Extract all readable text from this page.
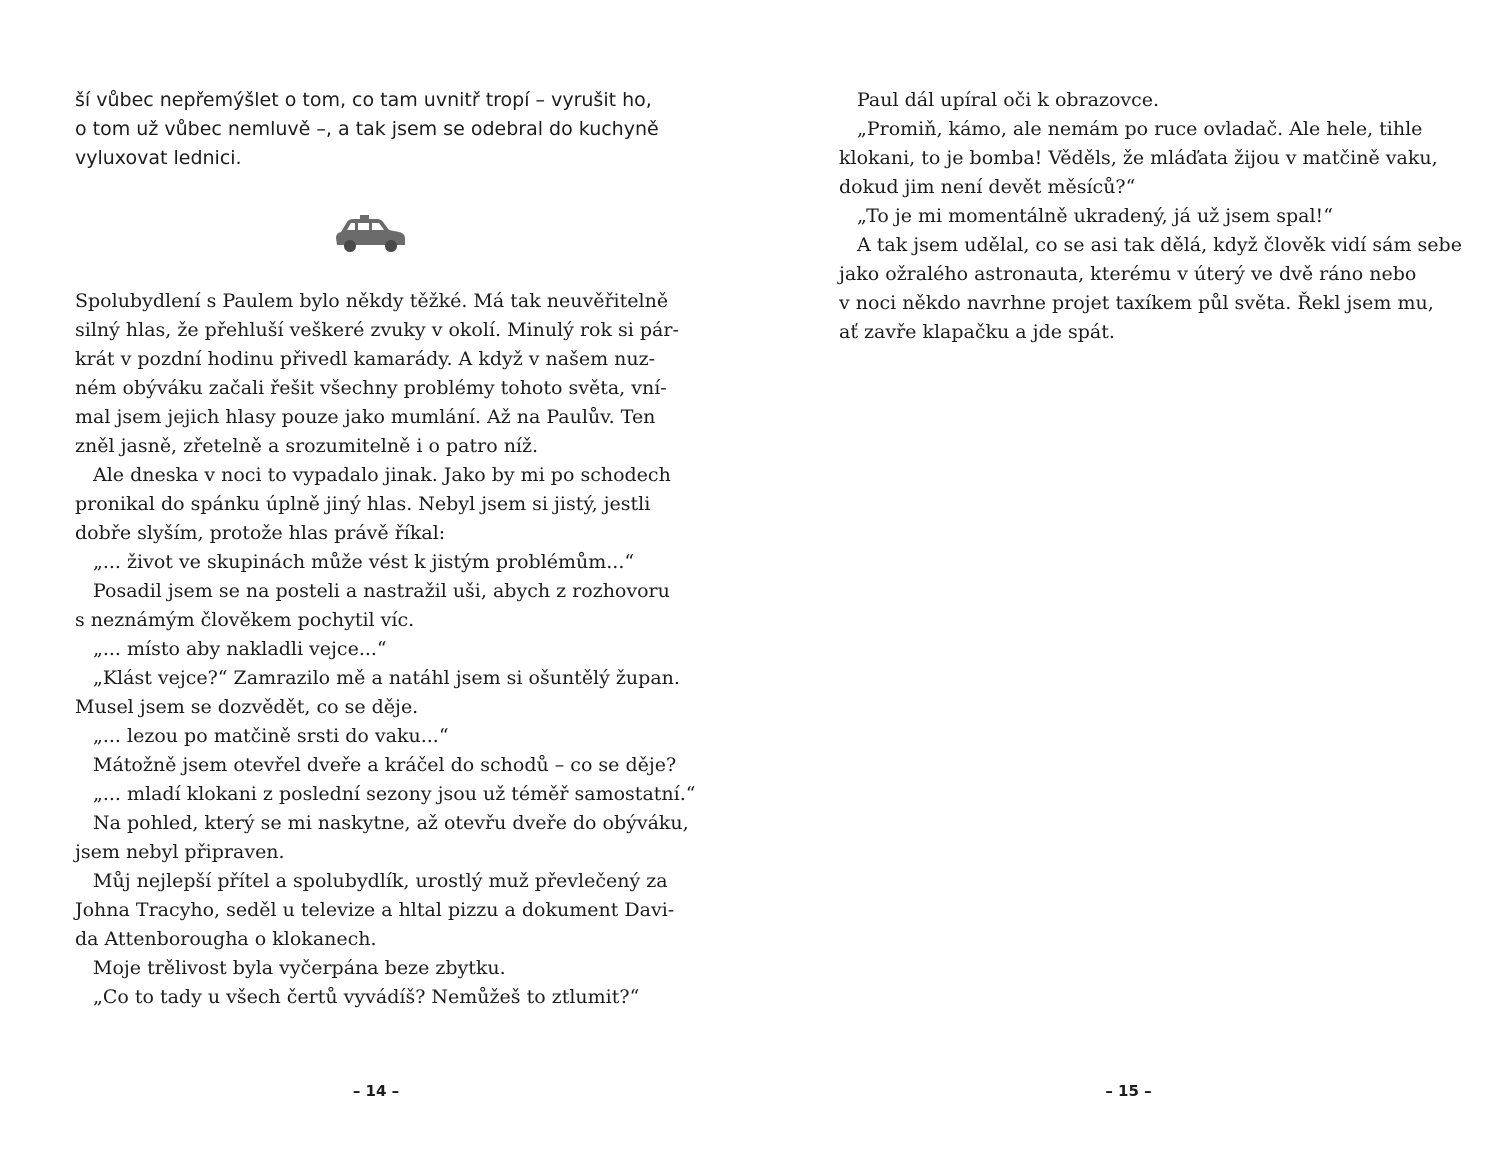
ší vůbec nepřemýšlet o tom, co tam uvnitř tropí – vyrušit ho,
o tom už vůbec nemluvě –, a tak jsem se odebral do kuchyně
vyluxovat lednici.

Spolubydlení s Paulem bylo někdy těžké. Má tak neuvěřitelně
silný hlas, že přehluší veškeré zvuky v okolí. Minulý rok si pár-
krát v pozdní hodinu přivedl kamarády. A když v našem nuz-
ném obýváku začali řešit všechny problémy tohoto světa, vní-
mal jsem jejich hlasy pouze jako mumlání. Až na Paulův. Ten
zněl jasně, zřetelně a srozumitelně i o patro níž.
Ale dneska v noci to vypadalo jinak. Jako by mi po schodech
pronikal do spánku úplně jiný hlas. Nebyl jsem si jistý, jestli
dobře slyším, protože hlas právě říkal:
„... život ve skupinách může vést k jistým problémům...“
Posadil jsem se na posteli a nastražil uši, abych z rozhovoru
s neznámým člověkem pochytil víc.
„... místo aby nakladli vejce...“
„Klást vejce?“ Zamrazilo mě a natáhl jsem si ošuntělý župan.
Musel jsem se dozvědět, co se děje.
„... lezou po matčině srsti do vaku...“
Mátožně jsem otevřel dveře a kráčel do schodů – co se děje?
„... mladí klokani z poslední sezony jsou už téměř samostatní.“
Na pohled, který se mi naskytne, až otevřu dveře do obýváku,
jsem nebyl připraven.
Můj nejlepší přítel a spolubydlík, urostlý muž převlečený za
Johna Tracyho, seděl u televize a hltal pizzu a dokument Davi-
da Attenborougha o klokanech.
Moje trělivost byla vyčerpána beze zbytku.
„Co to tady u všech čertů vyvádíš? Nemůžeš to ztlumit?“
– 14 –
Paul dál upíral oči k obrazovce.
„Promiň, kámo, ale nemám po ruce ovladač. Ale hele, tihle
klokani, to je bomba! Věděls, že mláďata žijou v matčině vaku,
dokud jim není devět měsíců?“
„To je mi momentálně ukradený, já už jsem spal!“
A tak jsem udělal, co se asi tak dělá, když člověk vidí sám sebe
jako ožralého astronauta, kterému v úterý ve dvě ráno nebo
v noci někdo navrhne projet taxíkem půl světa. Řekl jsem mu,
ať zavře klapačku a jde spát.
– 15 –
